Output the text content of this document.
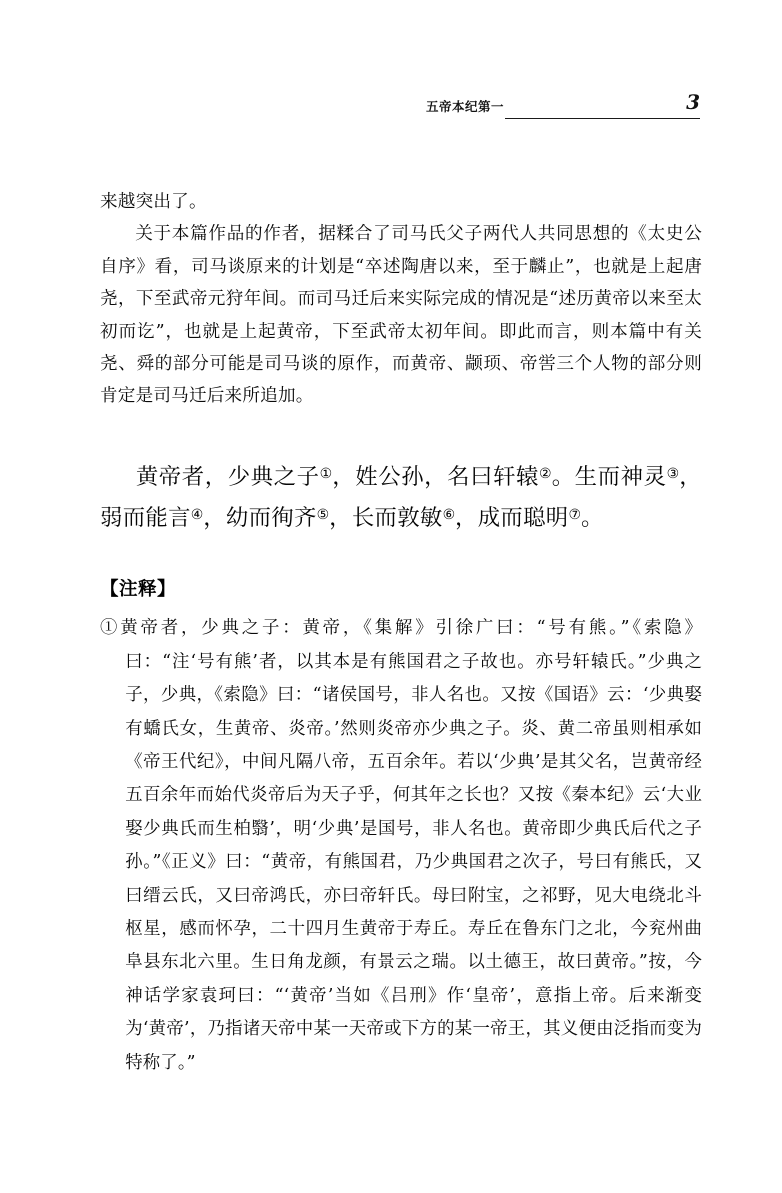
五帝本纪第一	3

来越突出了。

关于本篇作品的作者，据糅合了司马氏父子两代人共同思想的《太史公自序》看，司马谈原来的计划是“卒述陶唐以来，至于麟止”，也就是上起唐尧，下至武帝元狩年间。而司马迁后来实际完成的情况是“述历黄帝以来至太初而讫”，也就是上起黄帝，下至武帝太初年间。即此而言，则本篇中有关尧、舜的部分可能是司马谈的原作，而黄帝、颛顼、帝喾三个人物的部分则肯定是司马迁后来所追加。

黄帝者，少典之子①，姓公孙，名曰轩辕②。生而神灵③，弱而能言④，幼而徇齐⑤，长而敦敏⑥，成而聪明⑦。

【注释】
①黄帝者，少典之子：黄帝，《集解》引徐广曰：“号有熊。”《索隐》曰：“注‘号有熊’者，以其本是有熊国君之子故也。亦号轩辕氏。”少典之子，少典，《索隐》曰：“诸侯国号，非人名也。又按《国语》云：‘少典娶有蟜氏女，生黄帝、炎帝。’然则炎帝亦少典之子。炎、黄二帝虽则相承如《帝王代纪》，中间凡隔八帝，五百余年。若以‘少典’是其父名，岂黄帝经五百余年而始代炎帝后为天子乎，何其年之长也？又按《秦本纪》云‘大业娶少典氏而生柏翳’，明‘少典’是国号，非人名也。黄帝即少典氏后代之子孙。”《正义》曰：“黄帝，有熊国君，乃少典国君之次子，号曰有熊氏，又曰缙云氏，又曰帝鸿氏，亦曰帝轩氏。母曰附宝，之祁野，见大电绕北斗枢星，感而怀孕，二十四月生黄帝于寿丘。寿丘在鲁东门之北，今兖州曲阜县东北六里。生日角龙颜，有景云之瑞。以土德王，故曰黄帝。”按，今神话学家袁珂曰：“‘黄帝’当如《吕刑》作‘皇帝’，意指上帝。后来渐变为‘黄帝’，乃指诸天帝中某一天帝或下方的某一帝王，其义便由泛指而变为特称了。”
